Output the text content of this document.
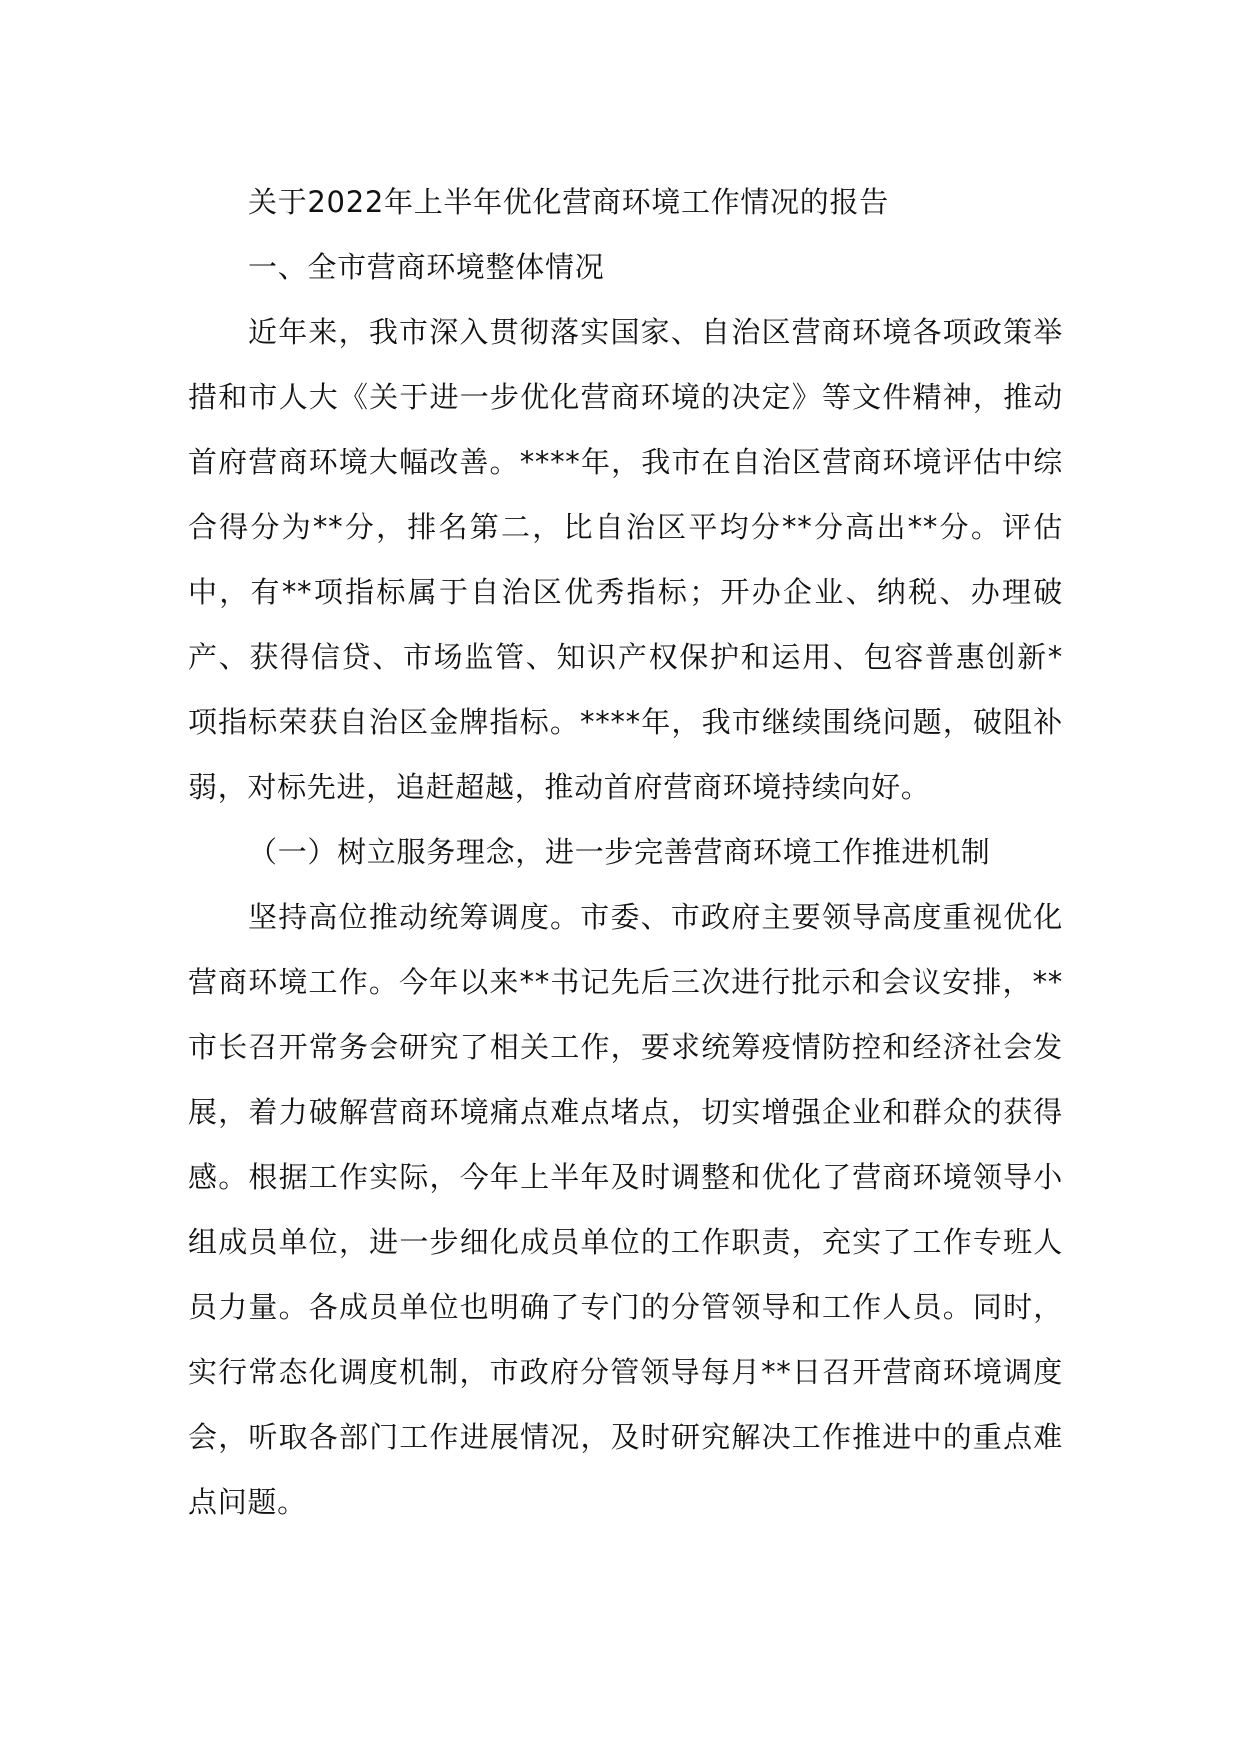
关于2022年上半年优化营商环境工作情况的报告

一、全市营商环境整体情况

近年来，我市深入贯彻落实国家、自治区营商环境各项政策举措和市人大《关于进一步优化营商环境的决定》等文件精神，推动首府营商环境大幅改善。****年，我市在自治区营商环境评估中综合得分为**分，排名第二，比自治区平均分**分高出**分。评估中，有**项指标属于自治区优秀指标；开办企业、纳税、办理破产、获得信贷、市场监管、知识产权保护和运用、包容普惠创新*项指标荣获自治区金牌指标。****年，我市继续围绕问题，破阻补弱，对标先进，追赶超越，推动首府营商环境持续向好。

（一）树立服务理念，进一步完善营商环境工作推进机制

坚持高位推动统筹调度。市委、市政府主要领导高度重视优化营商环境工作。今年以来**书记先后三次进行批示和会议安排，**市长召开常务会研究了相关工作，要求统筹疫情防控和经济社会发展，着力破解营商环境痛点难点堵点，切实增强企业和群众的获得感。根据工作实际，今年上半年及时调整和优化了营商环境领导小组成员单位，进一步细化成员单位的工作职责，充实了工作专班人员力量。各成员单位也明确了专门的分管领导和工作人员。同时，实行常态化调度机制，市政府分管领导每月**日召开营商环境调度会，听取各部门工作进展情况，及时研究解决工作推进中的重点难点问题。
